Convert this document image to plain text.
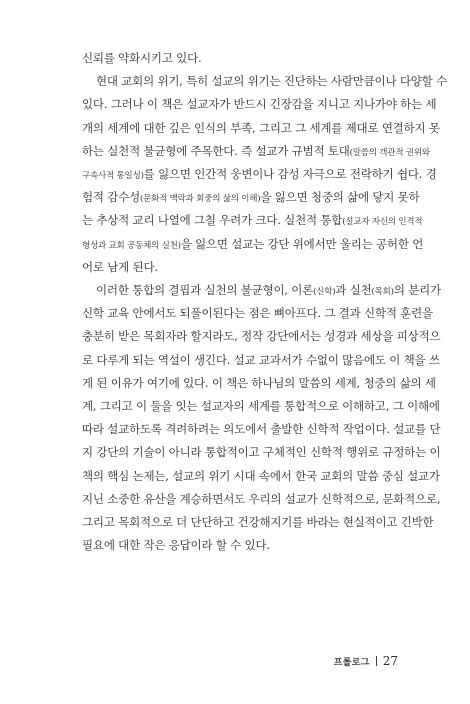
신뢰를 약화시키고 있다.
현대 교회의 위기, 특히 설교의 위기는 진단하는 사람만큼이나 다양할 수
있다. 그러나 이 책은 설교자가 반드시 긴장감을 지니고 지나가야 하는 세
개의 세계에 대한 깊은 인식의 부족, 그리고 그 세계를 제대로 연결하지 못
하는 실천적 불균형에 주목한다. 즉 설교가 규범적 토대(말씀의 객관적 권위와
구속사적 통일성)를 잃으면 인간적 웅변이나 감성 자극으로 전락하기 쉽다. 경
험적 감수성(문화적 맥락과 회중의 삶의 이해)을 잃으면 청중의 삶에 닿지 못하
는 추상적 교리 나열에 그칠 우려가 크다. 실천적 통합(설교자 자신의 인격적
형성과 교회 공동체의 실천)을 잃으면 설교는 강단 위에서만 울리는 공허한 언
어로 남게 된다.
이러한 통합의 결핍과 실천의 불균형이, 이론(신학)과 실천(목회)의 분리가
신학 교육 안에서도 되풀이된다는 점은 뼈아프다. 그 결과 신학적 훈련을
충분히 받은 목회자라 할지라도, 정작 강단에서는 성경과 세상을 피상적으
로 다루게 되는 역설이 생긴다. 설교 교과서가 수없이 많음에도 이 책을 쓰
게 된 이유가 여기에 있다. 이 책은 하나님의 말씀의 세계, 청중의 삶의 세
계, 그리고 이 둘을 잇는 설교자의 세계를 통합적으로 이해하고, 그 이해에
따라 설교하도록 격려하려는 의도에서 출발한 신학적 작업이다. 설교를 단
지 강단의 기술이 아니라 통합적이고 구체적인 신학적 행위로 규정하는 이
책의 핵심 논제는, 설교의 위기 시대 속에서 한국 교회의 말씀 중심 설교가
지닌 소중한 유산을 계승하면서도 우리의 설교가 신학적으로, 문화적으로,
그리고 목회적으로 더 단단하고 건강해지기를 바라는 현실적이고 긴박한
필요에 대한 작은 응답이라 할 수 있다.
프롤로그 27
